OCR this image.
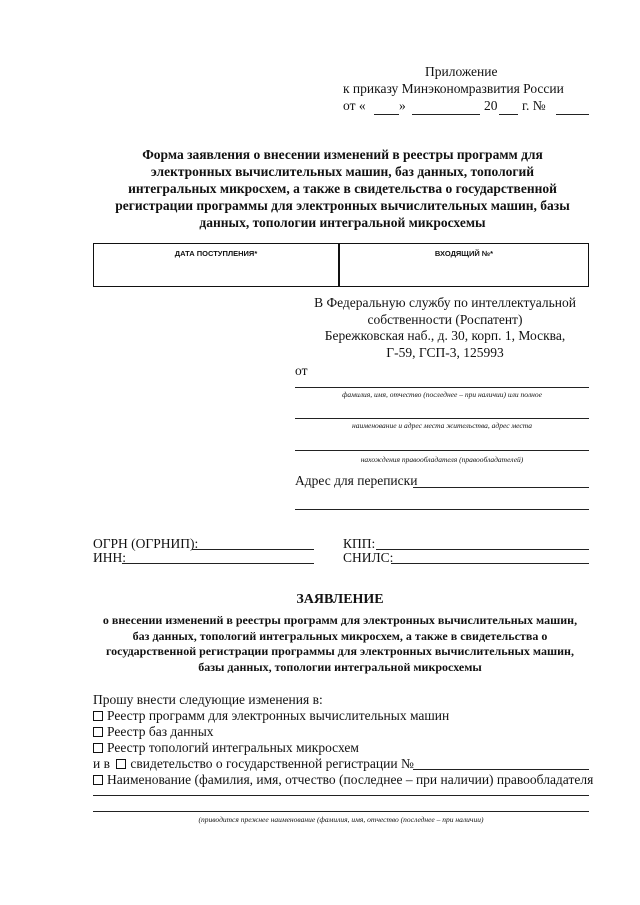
Приложение
к приказу Минэкономразвития России
от « »	20 г. №
Форма заявления о внесении изменений в реестры программ для электронных вычислительных машин, баз данных, топологий интегральных микросхем, а также в свидетельства о государственной регистрации программы для электронных вычислительных машин, базы данных, топологии интегральной микросхемы
ДАТА ПОСТУПЛЕНИЯ*	ВХОДЯЩИЙ №*
В Федеральную службу по интеллектуальной
собственности (Роспатент)
Бережковская наб., д. 30, корп. 1, Москва,
Г-59, ГСП-3, 125993
от
фамилия, имя, отчество (последнее – при наличии) или полное
наименование и адрес места жительства, адрес места
нахождения правообладателя (правообладателей)
Адрес для переписки
ОГРН (ОГРНИП):
ИНН:
КПП:
СНИЛС:
ЗАЯВЛЕНИЕ
о внесении изменений в реестры программ для электронных вычислительных машин, баз данных, топологий интегральных микросхем, а также в свидетельства о государственной регистрации программы для электронных вычислительных машин, базы данных, топологии интегральной микросхемы
Прошу внести следующие изменения в:
Реестр программ для электронных вычислительных машин
Реестр баз данных
Реестр топологий интегральных микросхем
и в свидетельство о государственной регистрации №
Наименование (фамилия, имя, отчество (последнее – при наличии) правообладателя
(приводится прежнее наименование (фамилия, имя, отчество (последнее – при наличии)
